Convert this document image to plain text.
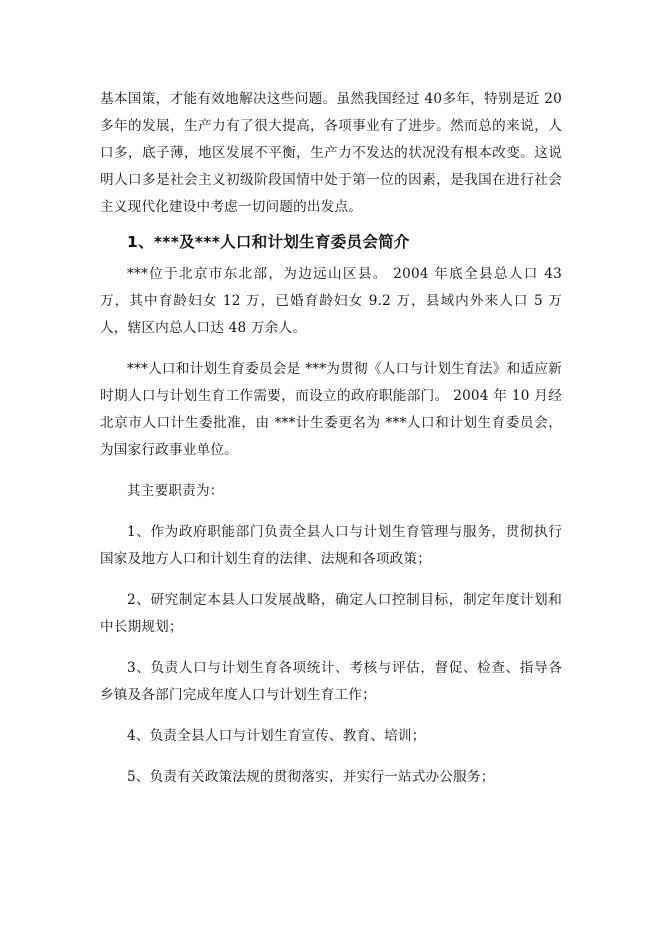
基本国策，才能有效地解决这些问题。虽然我国经过 40多年，特别是近 20多年的发展，生产力有了很大提高，各项事业有了进步。然而总的来说，人口多，底子薄，地区发展不平衡，生产力不发达的状况没有根本改变。这说明人口多是社会主义初级阶段国情中处于第一位的因素，是我国在进行社会主义现代化建设中考虑一切问题的出发点。

1、***及***人口和计划生育委员会简介

***位于北京市东北部，为边远山区县。 2004 年底全县总人口 43 万，其中育龄妇女 12 万，已婚育龄妇女 9.2 万，县域内外来人口 5 万人，辖区内总人口达 48 万余人。

***人口和计划生育委员会是 ***为贯彻《人口与计划生育法》和适应新时期人口与计划生育工作需要，而设立的政府职能部门。 2004 年 10 月经北京市人口计生委批准，由 ***计生委更名为 ***人口和计划生育委员会，为国家行政事业单位。

其主要职责为：

1、作为政府职能部门负责全县人口与计划生育管理与服务，贯彻执行国家及地方人口和计划生育的法律、法规和各项政策；

2、研究制定本县人口发展战略，确定人口控制目标，制定年度计划和中长期规划；

3、负责人口与计划生育各项统计、考核与评估，督促、检查、指导各乡镇及各部门完成年度人口与计划生育工作；

4、负责全县人口与计划生育宣传、教育、培训；

5、负责有关政策法规的贯彻落实，并实行一站式办公服务；
